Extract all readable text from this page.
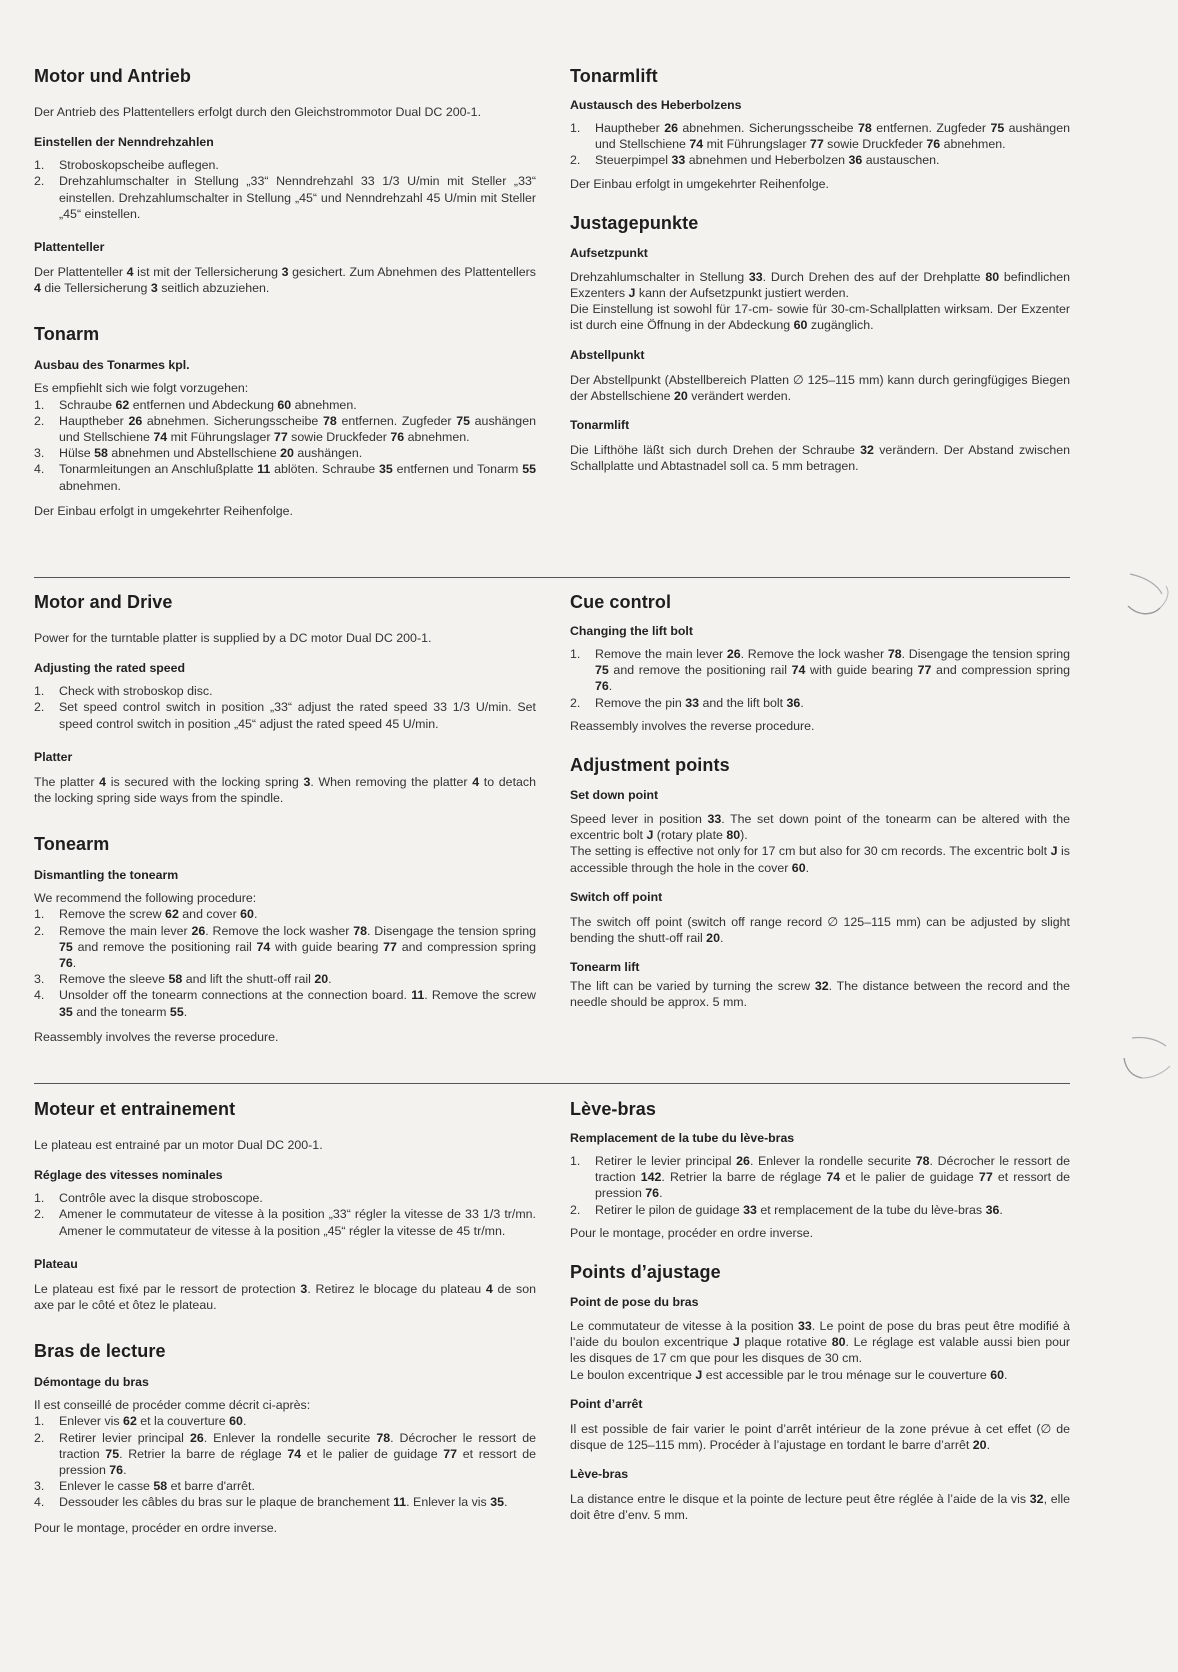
Motor und Antrieb

Der Antrieb des Plattentellers erfolgt durch den Gleichstrommotor Dual DC 200-1.

Einstellen der Nenndrehzahlen
1. Stroboskopscheibe auflegen.
2. Drehzahlumschalter in Stellung „33“ Nenndrehzahl 33 1/3 U/min mit Steller „33“ einstellen. Drehzahlumschalter in Stellung „45“ und Nenndrehzahl 45 U/min mit Steller „45“ einstellen.
Plattenteller

Der Plattenteller 4 ist mit der Tellersicherung 3 gesichert. Zum Abnehmen des Plattentellers 4 die Tellersicherung 3 seitlich abzuziehen.

Tonarm
Ausbau des Tonarmes kpl.

Es empfiehlt sich wie folgt vorzugehen:

1. Schraube 62 entfernen und Abdeckung 60 abnehmen.
2. Hauptheber 26 abnehmen. Sicherungsscheibe 78 entfernen. Zugfeder 75 aushängen und Stellschiene 74 mit Führungslager 77 sowie Druckfeder 76 abnehmen.
3. Hülse 58 abnehmen und Abstellschiene 20 aushängen.
4. Tonarmleitungen an Anschlußplatte 11 ablöten. Schraube 35 entfernen und Tonarm 55 abnehmen.

Der Einbau erfolgt in umgekehrter Reihenfolge.

Tonarmlift
Austausch des Heberbolzens
1. Hauptheber 26 abnehmen. Sicherungsscheibe 78 entfernen. Zugfeder 75 aushängen und Stellschiene 74 mit Führungslager 77 sowie Druckfeder 76 abnehmen.
2. Steuerpimpel 33 abnehmen und Heberbolzen 36 austauschen.

Der Einbau erfolgt in umgekehrter Reihenfolge.

Justagepunkte
Aufsetzpunkt

Drehzahlumschalter in Stellung 33. Durch Drehen des auf der Drehplatte 80 befindlichen Exzenters J kann der Aufsetzpunkt justiert werden.

Die Einstellung ist sowohl für 17-cm- sowie für 30-cm-Schallplatten wirksam. Der Exzenter ist durch eine Öffnung in der Abdeckung 60 zugänglich.

Abstellpunkt

Der Abstellpunkt (Abstellbereich Platten ∅ 125–115 mm) kann durch geringfügiges Biegen der Abstellschiene 20 verändert werden.

Tonarmlift

Die Lifthöhe läßt sich durch Drehen der Schraube 32 verändern. Der Abstand zwischen Schallplatte und Abtastnadel soll ca. 5 mm betragen.

Motor and Drive

Power for the turntable platter is supplied by a DC motor Dual DC 200-1.

Adjusting the rated speed
1. Check with stroboskop disc.
2. Set speed control switch in position „33“ adjust the rated speed 33 1/3 U/min. Set speed control switch in position „45“ adjust the rated speed 45 U/min.
Platter

The platter 4 is secured with the locking spring 3. When removing the platter 4 to detach the locking spring side ways from the spindle.

Tonearm
Dismantling the tonearm

We recommend the following procedure:

1. Remove the screw 62 and cover 60.
2. Remove the main lever 26. Remove the lock washer 78. Disengage the tension spring 75 and remove the positioning rail 74 with guide bearing 77 and compression spring 76.
3. Remove the sleeve 58 and lift the shutt-off rail 20.
4. Unsolder off the tonearm connections at the connection board. 11. Remove the screw 35 and the tonearm 55.

Reassembly involves the reverse procedure.

Cue control
Changing the lift bolt
1. Remove the main lever 26. Remove the lock washer 78. Disengage the tension spring 75 and remove the positioning rail 74 with guide bearing 77 and compression spring 76.
2. Remove the pin 33 and the lift bolt 36.

Reassembly involves the reverse procedure.

Adjustment points
Set down point

Speed lever in position 33. The set down point of the tonearm can be altered with the excentric bolt J (rotary plate 80).

The setting is effective not only for 17 cm but also for 30 cm records. The excentric bolt J is accessible through the hole in the cover 60.

Switch off point

The switch off point (switch off range record ∅ 125–115 mm) can be adjusted by slight bending the shutt-off rail 20.

Tonearm lift

The lift can be varied by turning the screw 32. The distance between the record and the needle should be approx. 5 mm.

Moteur et entrainement

Le plateau est entrainé par un motor Dual DC 200-1.

Réglage des vitesses nominales
1. Contrôle avec la disque stroboscope.
2. Amener le commutateur de vitesse à la position „33“ régler la vitesse de 33 1/3 tr/mn. Amener le commutateur de vitesse à la position „45“ régler la vitesse de 45 tr/mn.
Plateau

Le plateau est fixé par le ressort de protection 3. Retirez le blocage du plateau 4 de son axe par le côté et ôtez le plateau.

Bras de lecture
Démontage du bras

Il est conseillé de procéder comme décrit ci-après:

1. Enlever vis 62 et la couverture 60.
2. Retirer levier principal 26. Enlever la rondelle securite 78. Décrocher le ressort de traction 75. Retrier la barre de réglage 74 et le palier de guidage 77 et ressort de pression 76.
3. Enlever le casse 58 et barre d'arrêt.
4. Dessouder les câbles du bras sur le plaque de branchement 11. Enlever la vis 35.

Pour le montage, procéder en ordre inverse.

Lève-bras
Remplacement de la tube du lève-bras
1. Retirer le levier principal 26. Enlever la rondelle securite 78. Décrocher le ressort de traction 142. Retrier la barre de réglage 74 et le palier de guidage 77 et ressort de pression 76.
2. Retirer le pilon de guidage 33 et remplacement de la tube du lève-bras 36.

Pour le montage, procéder en ordre inverse.

Points d’ajustage
Point de pose du bras

Le commutateur de vitesse à la position 33. Le point de pose du bras peut être modifié à l’aide du boulon excentrique J plaque rotative 80. Le réglage est valable aussi bien pour les disques de 17 cm que pour les disques de 30 cm.

Le boulon excentrique J est accessible par le trou ménage sur le couverture 60.

Point d’arrêt

Il est possible de fair varier le point d’arrêt intérieur de la zone prévue à cet effet (∅ de disque de 125–115 mm). Procéder à l’ajustage en tordant le barre d’arrêt 20.

Lève-bras

La distance entre le disque et la pointe de lecture peut être réglée à l’aide de la vis 32, elle doit être d’env. 5 mm.
